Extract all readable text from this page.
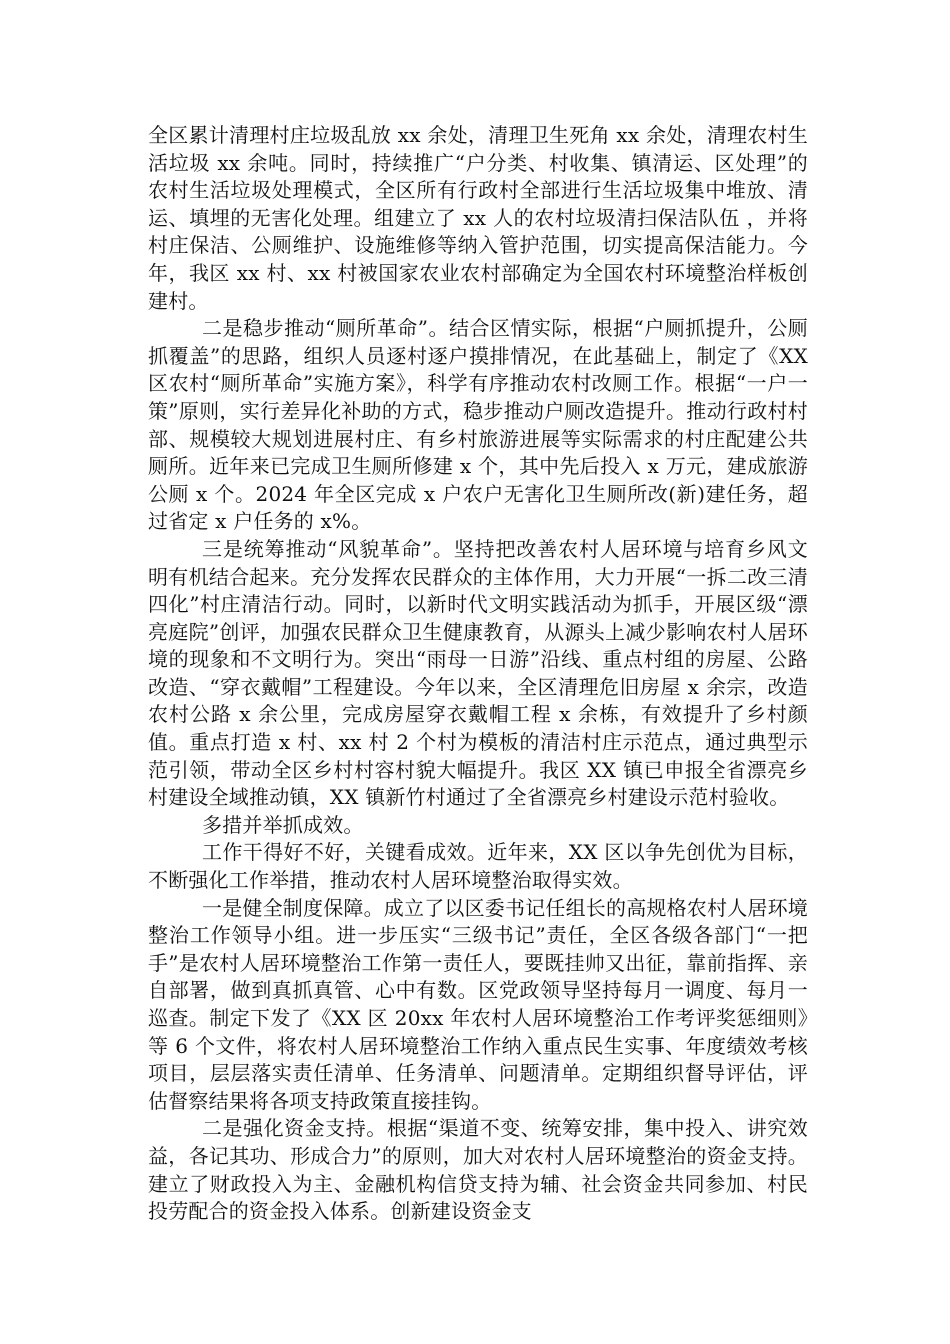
全区累计清理村庄垃圾乱放 xx 余处，清理卫生死角 xx 余处，清理农村生活垃圾 xx 余吨。同时，持续推广“户分类、村收集、镇清运、区处理”的农村生活垃圾处理模式，全区所有行政村全部进行生活垃圾集中堆放、清运、填埋的无害化处理。组建立了 xx 人的农村垃圾清扫保洁队伍 ，并将村庄保洁、公厕维护、设施维修等纳入管护范围，切实提高保洁能力。今年，我区 xx 村、xx 村被国家农业农村部确定为全国农村环境整治样板创建村。

二是稳步推动“厕所革命”。结合区情实际，根据“户厕抓提升，公厕抓覆盖”的思路，组织人员逐村逐户摸排情况，在此基础上，制定了《XX 区农村“厕所革命”实施方案》，科学有序推动农村改厕工作。根据“一户一策”原则，实行差异化补助的方式，稳步推动户厕改造提升。推动行政村村部、规模较大规划进展村庄、有乡村旅游进展等实际需求的村庄配建公共厕所。近年来已完成卫生厕所修建 x 个，其中先后投入 x 万元，建成旅游公厕 x 个。2024 年全区完成 x 户农户无害化卫生厕所改(新)建任务，超过省定 x 户任务的 x%。

三是统筹推动“风貌革命”。坚持把改善农村人居环境与培育乡风文明有机结合起来。充分发挥农民群众的主体作用，大力开展“一拆二改三清四化”村庄清洁行动。同时，以新时代文明实践活动为抓手，开展区级“漂亮庭院”创评，加强农民群众卫生健康教育，从源头上减少影响农村人居环境的现象和不文明行为。突出“雨母一日游”沿线、重点村组的房屋、公路改造、“穿衣戴帽”工程建设。今年以来，全区清理危旧房屋 x 余宗，改造农村公路 x 余公里，完成房屋穿衣戴帽工程 x 余栋，有效提升了乡村颜值。重点打造 x 村、xx 村 2 个村为模板的清洁村庄示范点，通过典型示范引领，带动全区乡村村容村貌大幅提升。我区 XX 镇已申报全省漂亮乡村建设全域推动镇，XX 镇新竹村通过了全省漂亮乡村建设示范村验收。

多措并举抓成效。

工作干得好不好，关键看成效。近年来，XX 区以争先创优为目标，不断强化工作举措，推动农村人居环境整治取得实效。

一是健全制度保障。成立了以区委书记任组长的高规格农村人居环境整治工作领导小组。进一步压实“三级书记”责任，全区各级各部门“一把手”是农村人居环境整治工作第一责任人，要既挂帅又出征，靠前指挥、亲自部署，做到真抓真管、心中有数。区党政领导坚持每月一调度、每月一巡查。制定下发了《XX 区 20xx 年农村人居环境整治工作考评奖惩细则》等 6 个文件，将农村人居环境整治工作纳入重点民生实事、年度绩效考核项目，层层落实责任清单、任务清单、问题清单。定期组织督导评估，评估督察结果将各项支持政策直接挂钩。

二是强化资金支持。根据“渠道不变、统筹安排，集中投入、讲究效益，各记其功、形成合力”的原则，加大对农村人居环境整治的资金支持。建立了财政投入为主、金融机构信贷支持为辅、社会资金共同参加、村民投劳配合的资金投入体系。创新建设资金支
